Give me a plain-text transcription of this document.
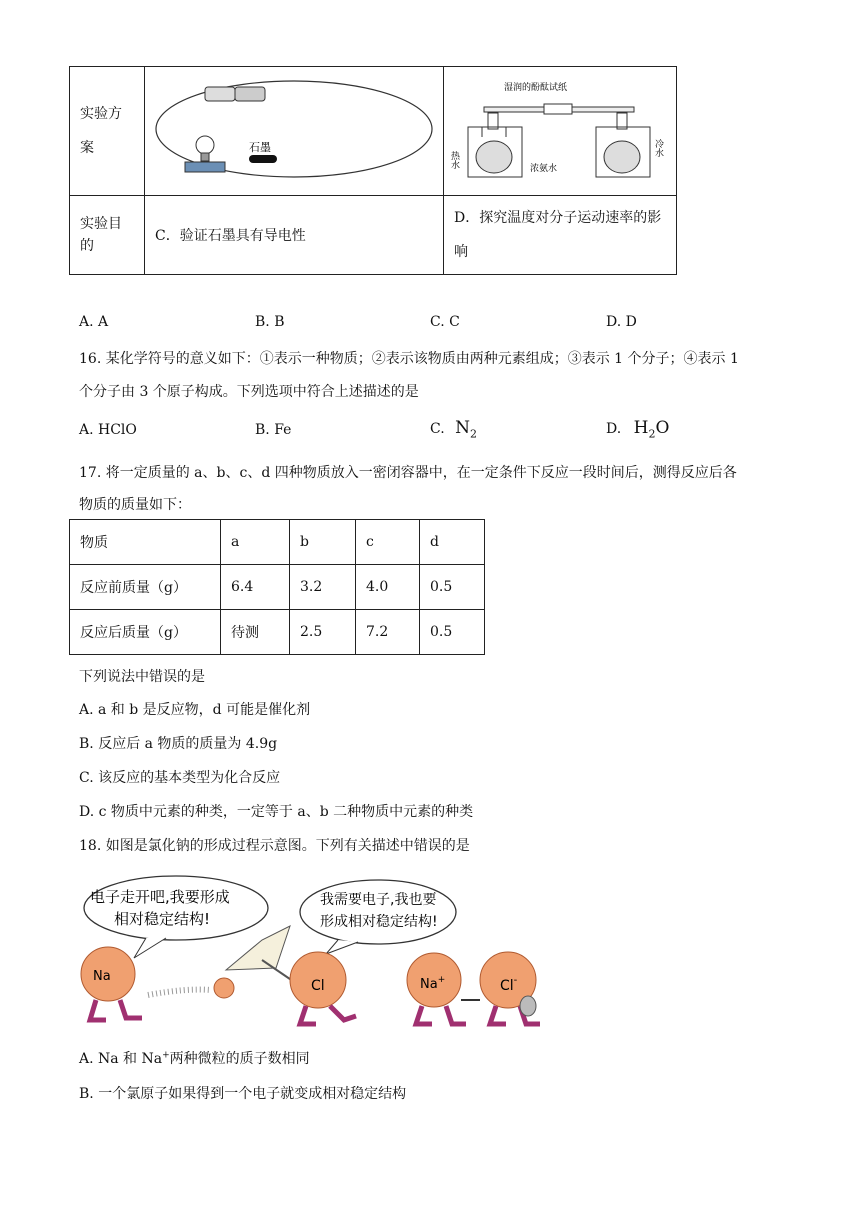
实验方案	石墨	湿润的酚酞试纸
热水
冷水
浓氨水

实验目的	C．验证石墨具有导电性	D．探究温度对分子运动速率的影响
A. A	B. B	C. C	D. D
16. 某化学符号的意义如下：①表示一种物质；②表示该物质由两种元素组成；③表示 1 个分子；④表示 1
个分子由 3 个原子构成。下列选项中符合上述描述的是
A. HClO	B. Fe	C. $N_2$	D. $H_2O$
17. 将一定质量的 a、b、c、d 四种物质放入一密闭容器中，在一定条件下反应一段时间后，测得反应后各
物质的质量如下：
物质	a	b	c	d
反应前质量（g）	6.4	3.2	4.0	0.5
反应后质量（g）	待测	2.5	7.2	0.5
下列说法中错误的是
A. a 和 b 是反应物，d 可能是催化剂
B. 反应后 a 物质的质量为 4.9g
C. 该反应的基本类型为化合反应
D. c 物质中元素的种类，一定等于 a、b 二种物质中元素的种类
18. 如图是氯化钠的形成过程示意图。下列有关描述中错误的是
电子走开吧,我要形成
相对稳定结构!
我需要电子,我也要
形成相对稳定结构!
Na
Cl	Na+	Cl-
A. Na 和 Na+两种微粒的质子数相同
B. 一个氯原子如果得到一个电子就变成相对稳定结构
